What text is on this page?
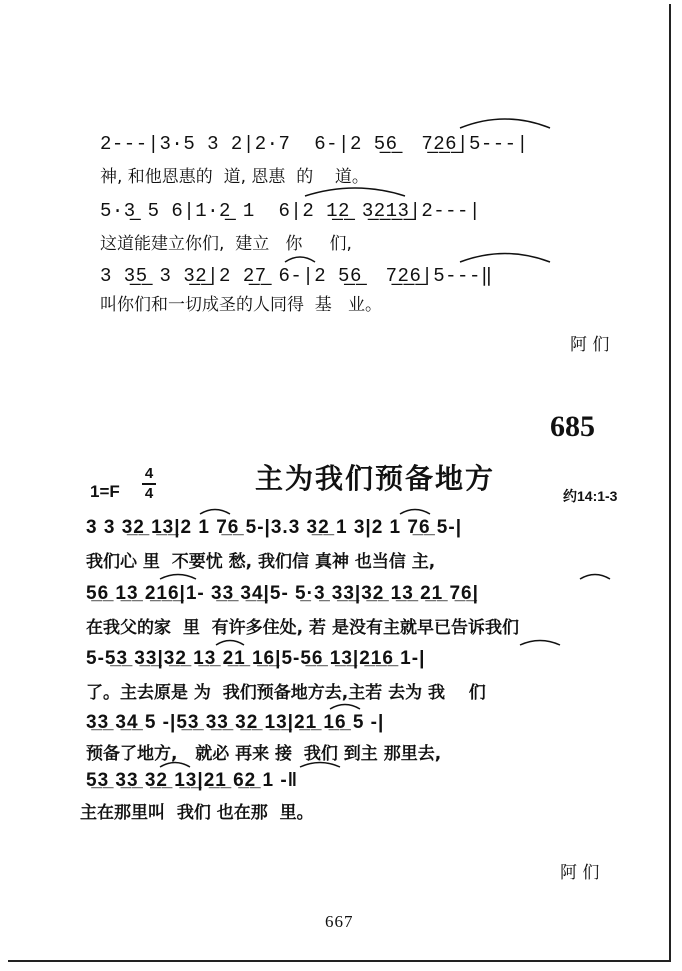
2---|3·5 3 2|2·7  6-|2 5̲6̲  7̲2̲6̲|5---|
神, 和他恩惠的  道, 恩惠  的    道。
5·3̲ 5 6|1·2̲ 1  6|2 1̲2̲ 3̲2̲1̲3̲|2---|
这道能建立你们,  建立   你     们,
3 3̲5̲ 3 3̲2̲|2 2̲7̲ 6-|2 5̲6̲  7̲2̲6̲|5---‖
叫你们和一切成圣的人同得  基   业。
阿 们
685
主为我们预备地方
1=F
4
4	约14:1-3
3 3 3̲2̲ 1̲3̲|2 1 7̲6̲ 5-|3.3 3̲2̲ 1 3|2 1 7̲6̲ 5-|
我们心 里  不要忧 愁, 我们信 真神 也当信 主,
5̲6̲ 1̲3̲ 2̲1̲6̲|1- 3̲3̲ 3̲4̲|5- 5̲·3̲ 3̲3̲|3̲2̲ 1̲3̲ 2̲1̲ 7̲6̲|
在我父的家  里  有许多住处, 若 是没有主就早已告诉我们
5-5̲3̲ 3̲3̲|3̲2̲ 1̲3̲ 2̲1̲ 1̲6̲|5-5̲6̲ 1̲3̲|2̲1̲6̲ 1-|
了。主去原是 为  我们预备地方去,主若 去为 我    们
3̲3̲ 3̲4̲ 5 -|5̲3̲ 3̲3̲ 3̲2̲ 1̲3̲|2̲1̲ 1̲6̲ 5 -|
预备了地方,   就必 再来 接  我们 到主 那里去,
5̲3̲ 3̲3̲ 3̲2̲ 1̲3̲|2̲1̲ 6̲2̲ 1 -‖
主在那里叫  我们 也在那  里。
阿 们
667
